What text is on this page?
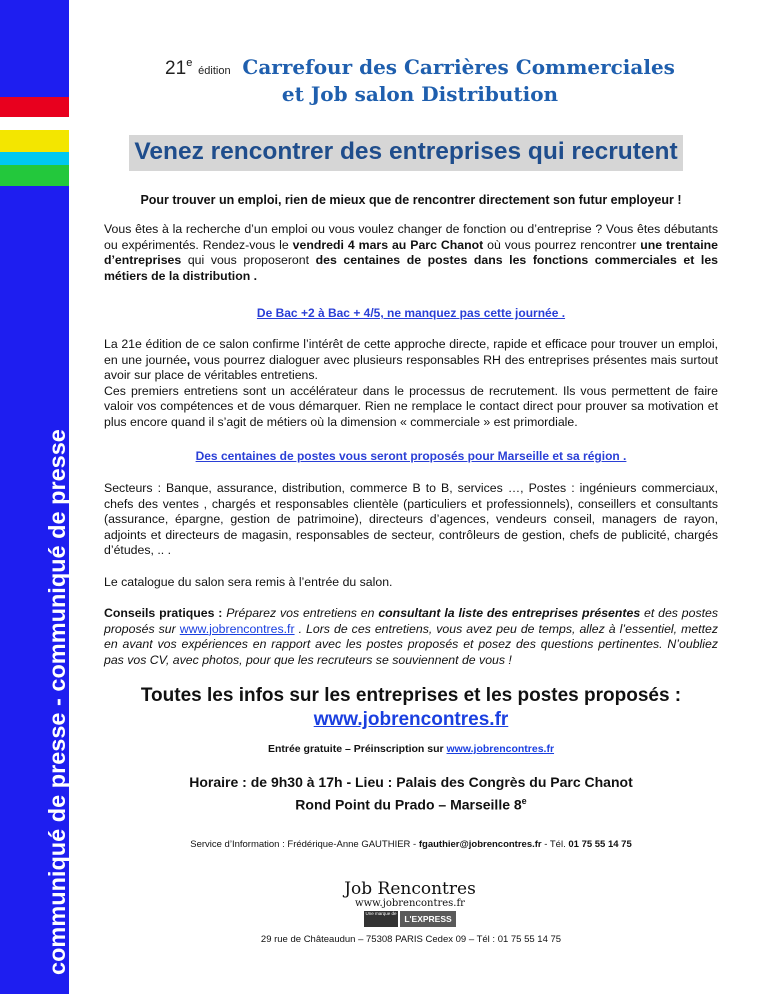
communiqué de presse - communiqué de presse
21e édition Carrefour des Carrières Commerciales
et Job salon Distribution
Venez rencontrer des entreprises qui recrutent
Pour trouver un emploi, rien de mieux que de rencontrer directement son futur employeur !
Vous êtes à la recherche d’un emploi ou vous voulez changer de fonction ou d’entreprise ? Vous êtes débutants ou expérimentés. Rendez-vous le vendredi 4 mars au Parc Chanot où vous pourrez rencontrer une trentaine d’entreprises qui vous proposeront des centaines de postes dans les fonctions commerciales et les métiers de la distribution .
De Bac +2 à Bac + 4/5, ne manquez pas cette journée .
La 21e édition de ce salon confirme l’intérêt de cette approche directe, rapide et efficace pour trouver un emploi, en une journée, vous pourrez dialoguer avec plusieurs responsables RH des entreprises présentes mais surtout avoir sur place de véritables entretiens.
Ces premiers entretiens sont un accélérateur dans le processus de recrutement. Ils vous permettent de faire valoir vos compétences et de vous démarquer. Rien ne remplace le contact direct pour prouver sa motivation et plus encore quand il s’agit de métiers où la dimension « commerciale » est primordiale.
Des centaines de postes vous seront proposés pour Marseille et sa région .
Secteurs : Banque, assurance, distribution, commerce B to B, services …, Postes : ingénieurs commerciaux, chefs des ventes , chargés et responsables clientèle (particuliers et professionnels), conseillers et consultants (assurance, épargne, gestion de patrimoine), directeurs d’agences, vendeurs conseil, managers de rayon, adjoints et directeurs de magasin, responsables de secteur, contrôleurs de gestion, chefs de publicité, chargés d’études, .. .
Le catalogue du salon sera remis à l’entrée du salon.
Conseils pratiques : Préparez vos entretiens en consultant la liste des entreprises présentes et des postes proposés sur www.jobrencontres.fr . Lors de ces entretiens, vous avez peu de temps, allez à l’essentiel, mettez en avant vos expériences en rapport avec les postes proposés et posez des questions pertinentes. N’oubliez pas vos CV, avec photos, pour que les recruteurs se souviennent de vous !
Toutes les infos sur les entreprises et les postes proposés :
www.jobrencontres.fr
Entrée gratuite – Préinscription sur www.jobrencontres.fr
Horaire : de 9h30 à 17h - Lieu : Palais des Congrès du Parc Chanot
Rond Point du Prado – Marseille 8e
Service d’Information : Frédérique-Anne GAUTHIER - fgauthier@jobrencontres.fr - Tél. 01 75 55 14 75
Job Rencontres
www.jobrencontres.fr
Une marque de
L'EXPRESS
29 rue de Châteaudun – 75308 PARIS Cedex 09 – Tél : 01 75 55 14 75
